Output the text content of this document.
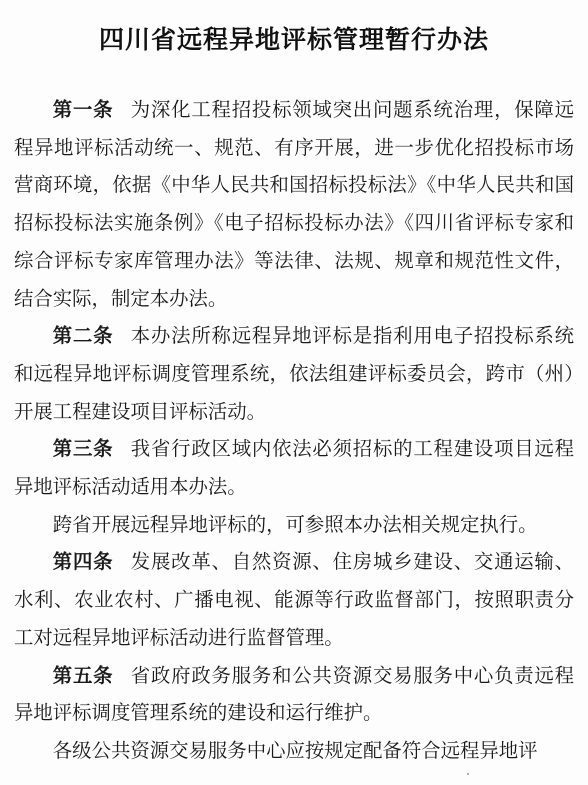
四川省远程异地评标管理暂行办法

第一条 为深化工程招投标领域突出问题系统治理，保障远程异地评标活动统一、规范、有序开展，进一步优化招投标市场营商环境，依据《中华人民共和国招标投标法》《中华人民共和国招标投标法实施条例》《电子招标投标办法》《四川省评标专家和综合评标专家库管理办法》等法律、法规、规章和规范性文件，结合实际，制定本办法。

第二条 本办法所称远程异地评标是指利用电子招投标系统和远程异地评标调度管理系统，依法组建评标委员会，跨市（州）开展工程建设项目评标活动。

第三条 我省行政区域内依法必须招标的工程建设项目远程异地评标活动适用本办法。

跨省开展远程异地评标的，可参照本办法相关规定执行。

第四条 发展改革、自然资源、住房城乡建设、交通运输、水利、农业农村、广播电视、能源等行政监督部门，按照职责分工对远程异地评标活动进行监督管理。

第五条 省政府政务服务和公共资源交易服务中心负责远程异地评标调度管理系统的建设和运行维护。

各级公共资源交易服务中心应按规定配备符合远程异地评
